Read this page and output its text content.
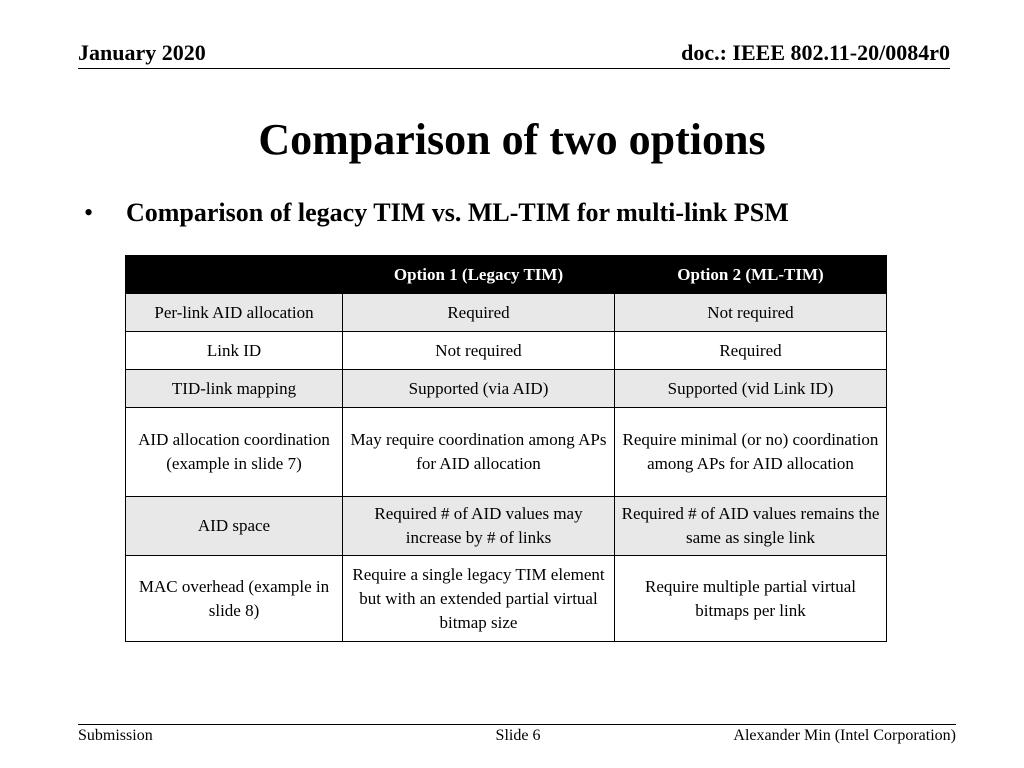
January 2020	doc.: IEEE 802.11-20/0084r0
Comparison of two options
•	Comparison of legacy TIM vs. ML-TIM for multi-link PSM
	Option 1 (Legacy TIM)	Option 2 (ML-TIM)
Per-link AID allocation	Required	Not required
Link ID	Not required	Required
TID-link mapping	Supported (via AID)	Supported (vid Link ID)
AID allocation coordination (example in slide 7)	May require coordination among APs for AID allocation	Require minimal (or no) coordination among APs for AID allocation
AID space	Required # of AID values may increase by # of links	Required # of AID values remains the same as single link
MAC overhead (example in slide 8)	Require a single legacy TIM element but with an extended partial virtual bitmap size	Require multiple partial virtual bitmaps per link
Submission	Slide 6	Alexander Min (Intel Corporation)
